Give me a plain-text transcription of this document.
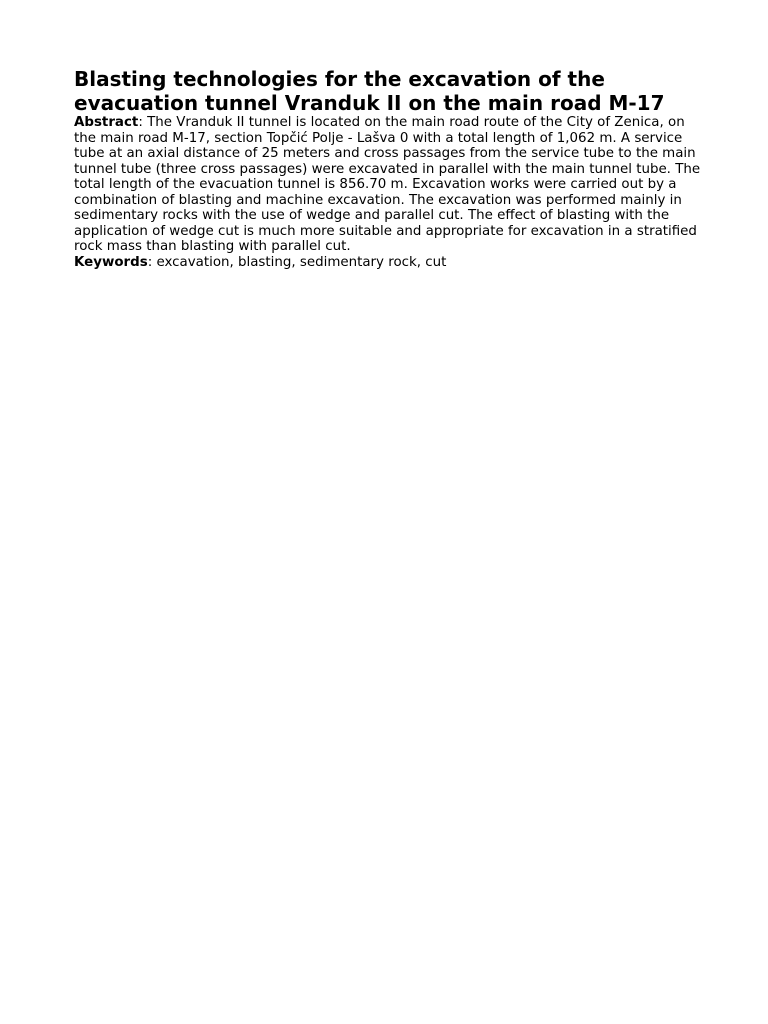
Blasting technologies for the excavation of the evacuation tunnel Vranduk II on the main road M-17

Abstract: The Vranduk II tunnel is located on the main road route of the City of Zenica, on the main road M-17, section Topčić Polje - Lašva 0 with a total length of 1,062 m. A service tube at an axial distance of 25 meters and cross passages from the service tube to the main tunnel tube (three cross passages) were excavated in parallel with the main tunnel tube. The total length of the evacuation tunnel is 856.70 m. Excavation works were carried out by a combination of blasting and machine excavation. The excavation was performed mainly in sedimentary rocks with the use of wedge and parallel cut. The effect of blasting with the application of wedge cut is much more suitable and appropriate for excavation in a stratified rock mass than blasting with parallel cut.

Keywords: excavation, blasting, sedimentary rock, cut
